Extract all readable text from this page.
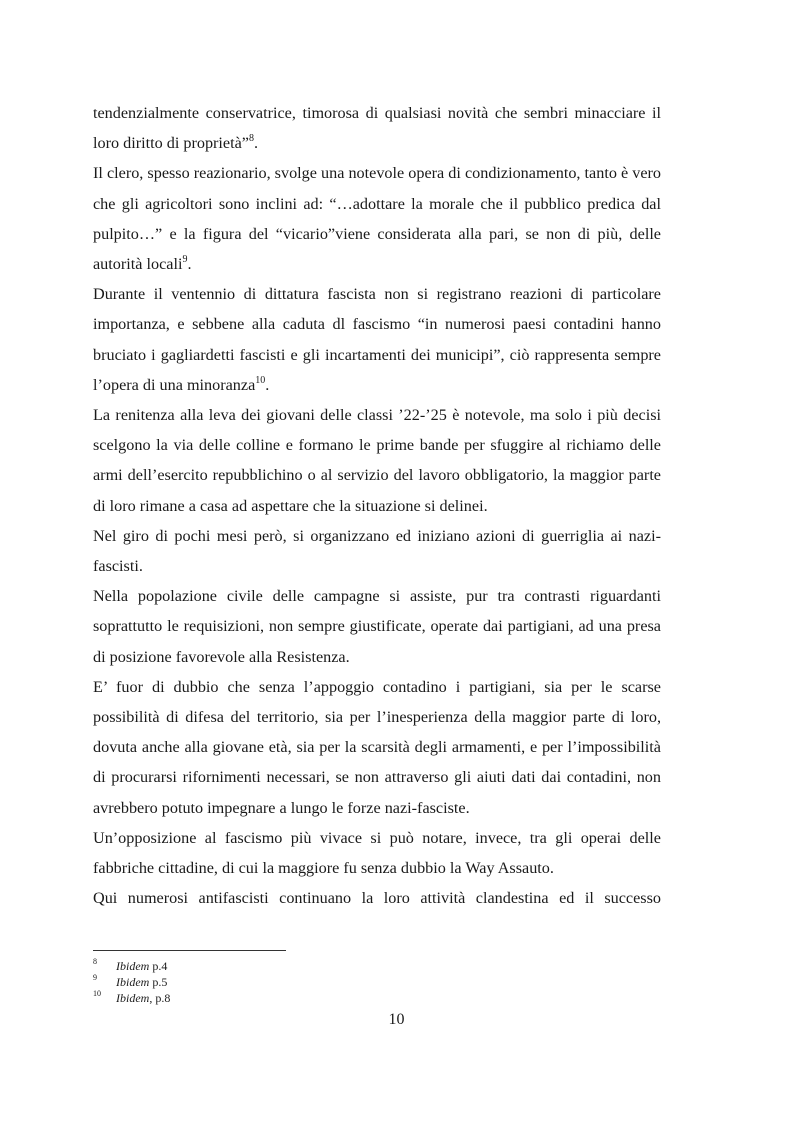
tendenzialmente conservatrice, timorosa di qualsiasi novità che sembri minacciare il loro diritto di proprietà”$^8$.

Il clero, spesso reazionario, svolge una notevole opera di condizionamento, tanto è vero che gli agricoltori sono inclini ad: “…adottare la morale che il pubblico predica dal pulpito…” e la figura del “vicario”viene considerata alla pari, se non di più, delle autorità locali$^9$.

Durante il ventennio di dittatura fascista non si registrano reazioni di particolare importanza, e sebbene alla caduta dl fascismo “in numerosi paesi contadini hanno bruciato i gagliardetti fascisti e gli incartamenti dei municipi”, ciò rappresenta sempre l’opera di una minoranza$^{10}$.

La renitenza alla leva dei giovani delle classi ’22-’25 è notevole, ma solo i più decisi scelgono la via delle colline e formano le prime bande per sfuggire al richiamo delle armi dell’esercito repubblichino o al servizio del lavoro obbligatorio, la maggior parte di loro rimane a casa ad aspettare che la situazione si delinei.

Nel giro di pochi mesi però, si organizzano ed iniziano azioni di guerriglia ai nazi-fascisti.

Nella popolazione civile delle campagne si assiste, pur tra contrasti riguardanti soprattutto le requisizioni, non sempre giustificate, operate dai partigiani, ad una presa di posizione favorevole alla Resistenza.

E’ fuor di dubbio che senza l’appoggio contadino i partigiani, sia per le scarse possibilità di difesa del territorio, sia per l’inesperienza della maggior parte di loro, dovuta anche alla giovane età, sia per la scarsità degli armamenti, e per l’impossibilità di procurarsi rifornimenti necessari, se non attraverso gli aiuti dati dai contadini, non avrebbero potuto impegnare a lungo le forze nazi-fasciste.

Un’opposizione al fascismo più vivace si può notare, invece, tra gli operai delle fabbriche cittadine, di cui la maggiore fu senza dubbio la Way Assauto.

Qui numerosi antifascisti continuano la loro attività clandestina ed il successo

8 Ibidem p.4
9 Ibidem p.5
10 Ibidem, p.8
10
